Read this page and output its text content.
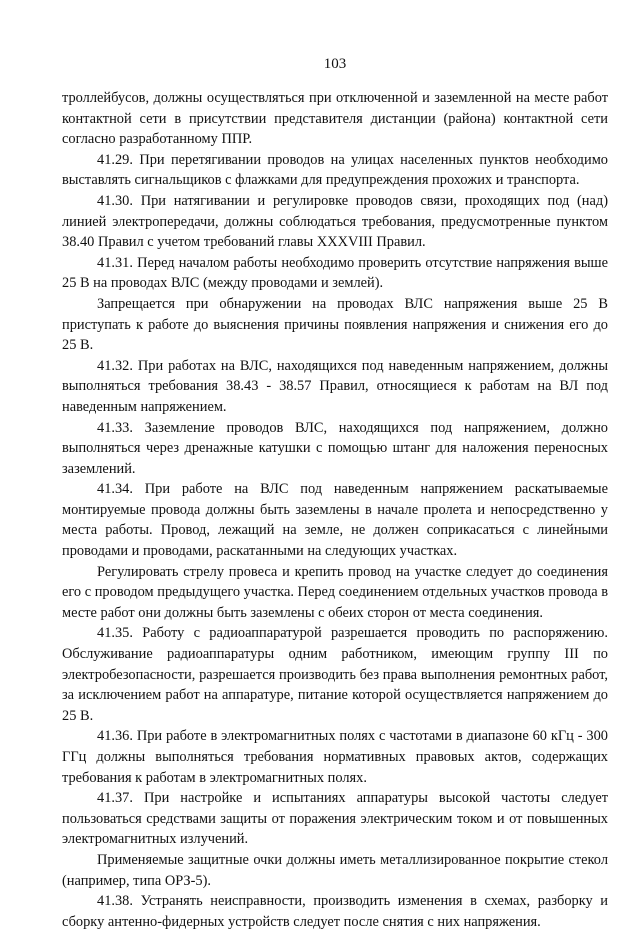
103

троллейбусов, должны осуществляться при отключенной и заземленной на месте работ контактной сети в присутствии представителя дистанции (района) контактной сети согласно разработанному ППР.

41.29. При перетягивании проводов на улицах населенных пунктов необходимо выставлять сигнальщиков с флажками для предупреждения прохожих и транспорта.

41.30. При натягивании и регулировке проводов связи, проходящих под (над) линией электропередачи, должны соблюдаться требования, предусмотренные пунктом 38.40 Правил с учетом требований главы XXXVIII Правил.

41.31. Перед началом работы необходимо проверить отсутствие напряжения выше 25 В на проводах ВЛС (между проводами и землей).

Запрещается при обнаружении на проводах ВЛС напряжения выше 25 В приступать к работе до выяснения причины появления напряжения и снижения его до 25 В.

41.32. При работах на ВЛС, находящихся под наведенным напряжением, должны выполняться требования 38.43 - 38.57 Правил, относящиеся к работам на ВЛ под наведенным напряжением.

41.33. Заземление проводов ВЛС, находящихся под напряжением, должно выполняться через дренажные катушки с помощью штанг для наложения переносных заземлений.

41.34. При работе на ВЛС под наведенным напряжением раскатываемые монтируемые провода должны быть заземлены в начале пролета и непосредственно у места работы. Провод, лежащий на земле, не должен соприкасаться с линейными проводами и проводами, раскатанными на следующих участках.

Регулировать стрелу провеса и крепить провод на участке следует до соединения его с проводом предыдущего участка. Перед соединением отдельных участков провода в месте работ они должны быть заземлены с обеих сторон от места соединения.

41.35. Работу с радиоаппаратурой разрешается проводить по распоряжению. Обслуживание радиоаппаратуры одним работником, имеющим группу III по электробезопасности, разрешается производить без права выполнения ремонтных работ, за исключением работ на аппаратуре, питание которой осуществляется напряжением до 25 В.

41.36. При работе в электромагнитных полях с частотами в диапазоне 60 кГц - 300 ГГц должны выполняться требования нормативных правовых актов, содержащих требования к работам в электромагнитных полях.

41.37. При настройке и испытаниях аппаратуры высокой частоты следует пользоваться средствами защиты от поражения электрическим током и от повышенных электромагнитных излучений.

Применяемые защитные очки должны иметь металлизированное покрытие стекол (например, типа ОРЗ-5).

41.38. Устранять неисправности, производить изменения в схемах, разборку и сборку антенно-фидерных устройств следует после снятия с них напряжения.
